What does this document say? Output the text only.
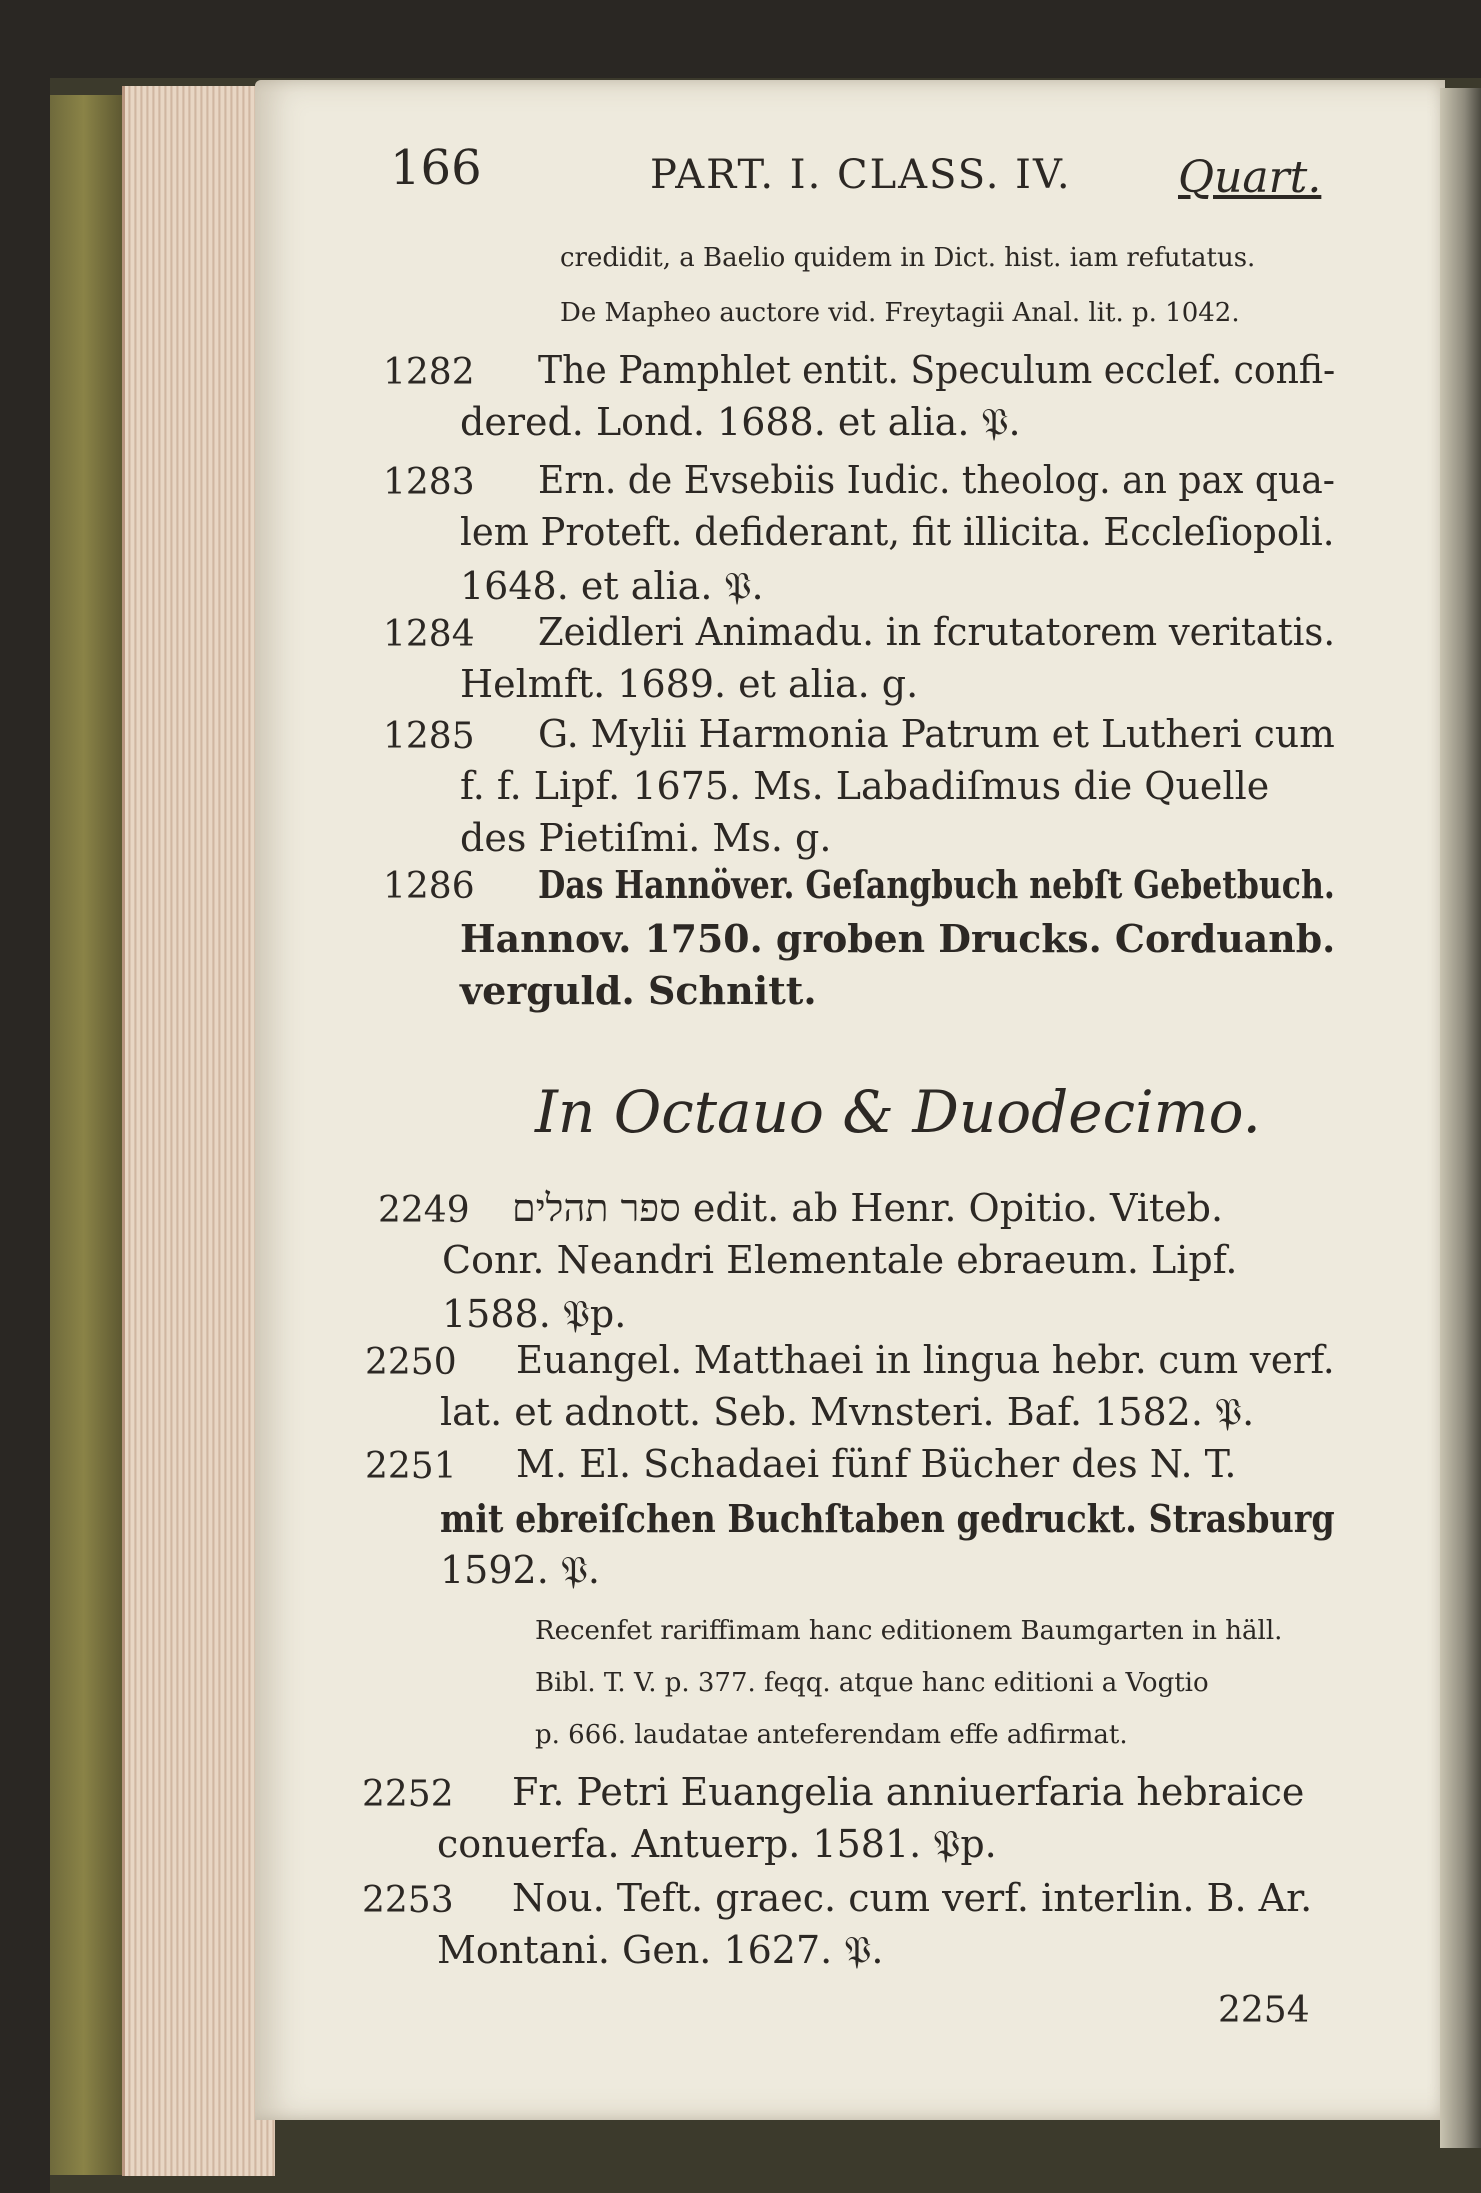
166	PART. I. CLASS. IV. Quart.
credidit, a Baelio quidem in Dict. hist. iam refutatus.
De Mapheo auctore vid. Freytagii Anal. lit. p. 1042.
1282 The Pamphlet entit. Speculum ecclef. confi-
dered. Lond. 1688. et alia. 𝔓.
1283 Ern. de Evsebiis Iudic. theolog. an pax qua-
lem Proteft. defiderant, fit illicita. Eccleſiopoli.
1648. et alia. 𝔓.
1284 Zeidleri Animadu. in fcrutatorem veritatis.
Helmft. 1689. et alia. g.
1285 G. Mylii Harmonia Patrum et Lutheri cum
f. f. Lipf. 1675. Ms. Labadiſmus die Quelle
des Pietiſmi. Ms. g.
1286 Das Hannöver. Geſangbuch nebſt Gebetbuch.
Hannov. 1750. groben Drucks. Corduanb.
verguld. Schnitt.
In Octauo & Duodecimo.
2249 ספר תהלים edit. ab Henr. Opitio. Viteb.
Conr. Neandri Elementale ebraeum. Lipf.
1588. 𝔓p.
2250 Euangel. Matthaei in lingua hebr. cum verf.
lat. et adnott. Seb. Mvnsteri. Baf. 1582. 𝔓.
2251 M. El. Schadaei fünf Bücher des N. T.
mit ebreiſchen Buchſtaben gedruckt. Strasburg
1592. 𝔓.
Recenfet rariffimam hanc editionem Baumgarten in häll.
Bibl. T. V. p. 377. feqq. atque hanc editioni a Vogtio
p. 666. laudatae anteferendam effe adfirmat.
2252 Fr. Petri Euangelia anniuerfaria hebraice
conuerfa. Antuerp. 1581. 𝔓p.
2253 Nou. Teft. graec. cum verf. interlin. B. Ar.
Montani. Gen. 1627. 𝔓.
2254
